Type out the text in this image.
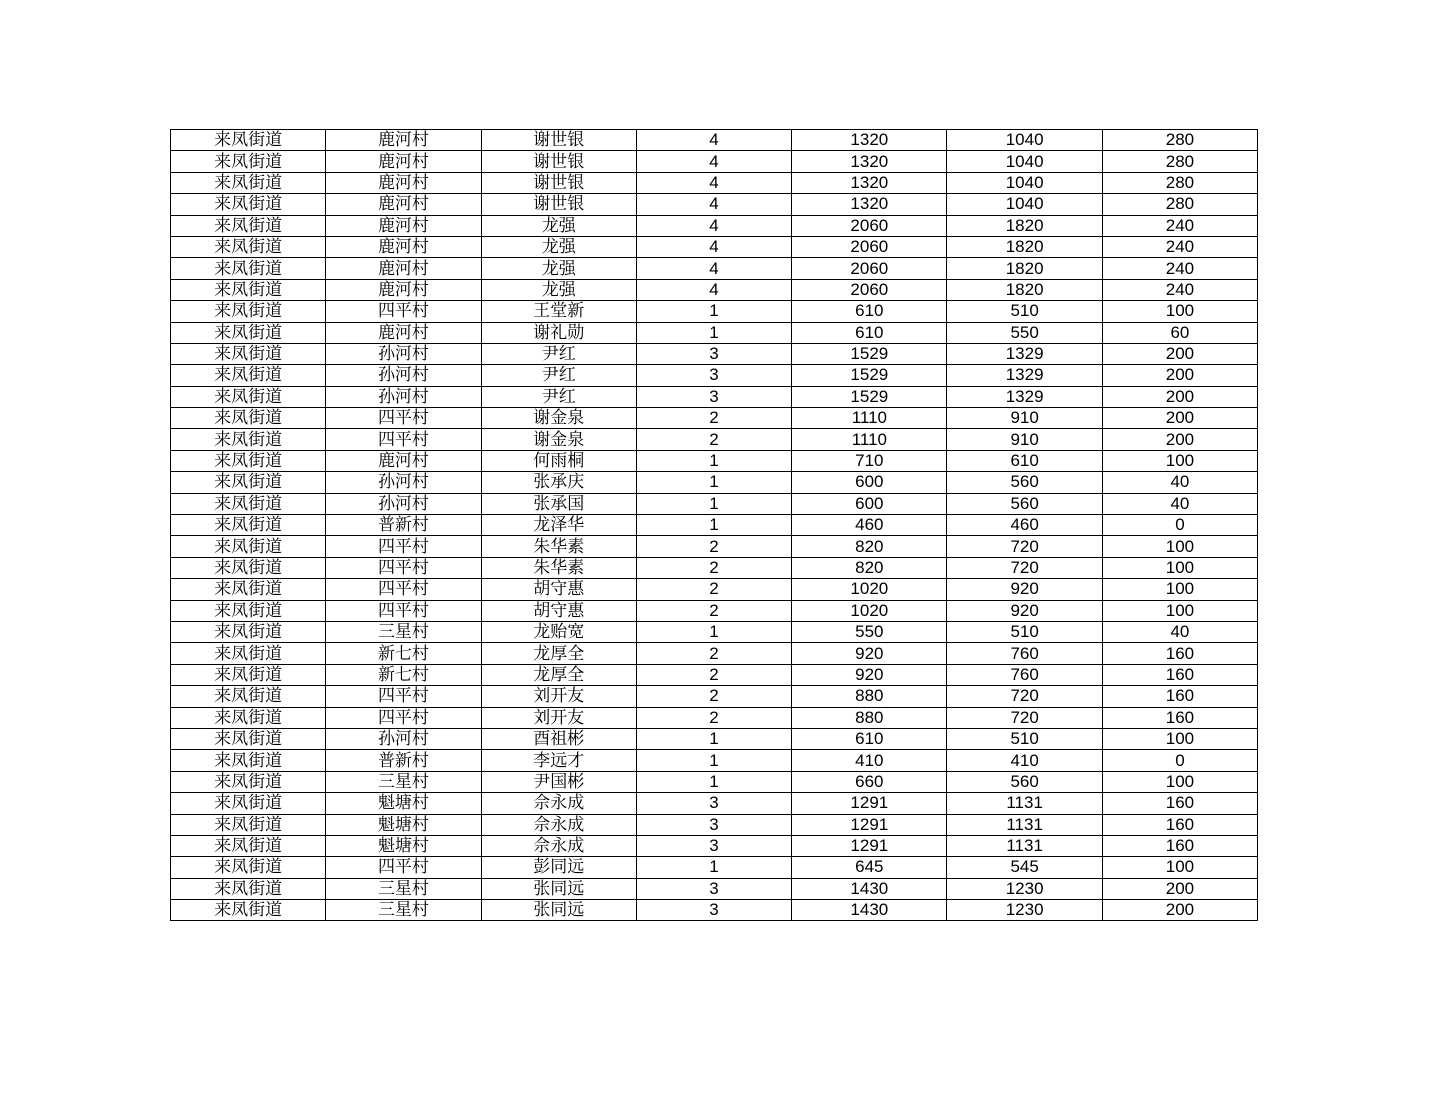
来凤街道	鹿河村	谢世银	4	1320	1040	280
来凤街道	鹿河村	谢世银	4	1320	1040	280
来凤街道	鹿河村	谢世银	4	1320	1040	280
来凤街道	鹿河村	谢世银	4	1320	1040	280
来凤街道	鹿河村	龙强	4	2060	1820	240
来凤街道	鹿河村	龙强	4	2060	1820	240
来凤街道	鹿河村	龙强	4	2060	1820	240
来凤街道	鹿河村	龙强	4	2060	1820	240
来凤街道	四平村	王堂新	1	610	510	100
来凤街道	鹿河村	谢礼勋	1	610	550	60
来凤街道	孙河村	尹红	3	1529	1329	200
来凤街道	孙河村	尹红	3	1529	1329	200
来凤街道	孙河村	尹红	3	1529	1329	200
来凤街道	四平村	谢金泉	2	1110	910	200
来凤街道	四平村	谢金泉	2	1110	910	200
来凤街道	鹿河村	何雨桐	1	710	610	100
来凤街道	孙河村	张承庆	1	600	560	40
来凤街道	孙河村	张承国	1	600	560	40
来凤街道	普新村	龙泽华	1	460	460	0
来凤街道	四平村	朱华素	2	820	720	100
来凤街道	四平村	朱华素	2	820	720	100
来凤街道	四平村	胡守惠	2	1020	920	100
来凤街道	四平村	胡守惠	2	1020	920	100
来凤街道	三星村	龙贻宽	1	550	510	40
来凤街道	新七村	龙厚全	2	920	760	160
来凤街道	新七村	龙厚全	2	920	760	160
来凤街道	四平村	刘开友	2	880	720	160
来凤街道	四平村	刘开友	2	880	720	160
来凤街道	孙河村	酉祖彬	1	610	510	100
来凤街道	普新村	李远才	1	410	410	0
来凤街道	三星村	尹国彬	1	660	560	100
来凤街道	魁塘村	佘永成	3	1291	1131	160
来凤街道	魁塘村	佘永成	3	1291	1131	160
来凤街道	魁塘村	佘永成	3	1291	1131	160
来凤街道	四平村	彭同远	1	645	545	100
来凤街道	三星村	张同远	3	1430	1230	200
来凤街道	三星村	张同远	3	1430	1230	200
